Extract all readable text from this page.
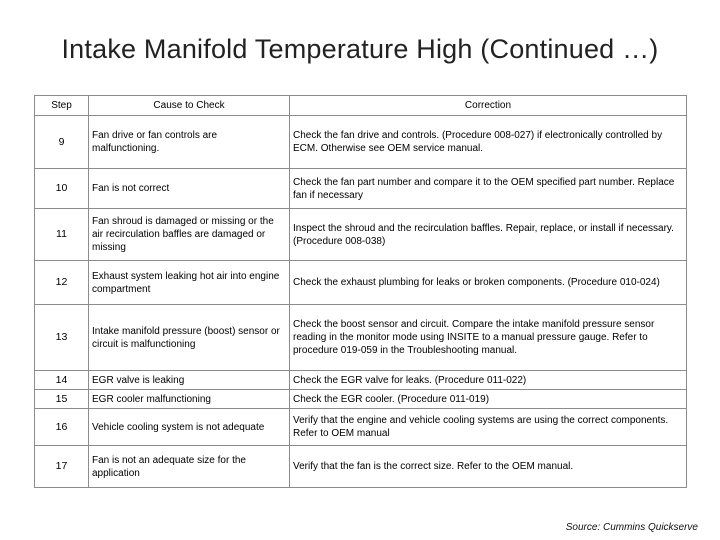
Intake Manifold Temperature High (Continued …)
Step	Cause to Check	Correction
9	Fan drive or fan controls are malfunctioning.	Check the fan drive and controls. (Procedure 008-027) if electronically controlled by ECM. Otherwise see OEM service manual.
10	Fan is not correct	Check the fan part number and compare it to the OEM specified part number. Replace fan if necessary
11	Fan shroud is damaged or missing or the air recirculation baffles are damaged or missing	Inspect the shroud and the recirculation baffles. Repair, replace, or install if necessary. (Procedure 008-038)
12	Exhaust system leaking hot air into engine compartment	Check the exhaust plumbing for leaks or broken components. (Procedure 010-024)
13	Intake manifold pressure (boost) sensor or circuit is malfunctioning	Check the boost sensor and circuit. Compare the intake manifold pressure sensor reading in the monitor mode using INSITE to a manual pressure gauge. Refer to procedure 019-059 in the Troubleshooting manual.
14	EGR valve is leaking	Check the EGR valve for leaks. (Procedure 011-022)
15	EGR cooler malfunctioning	Check the EGR cooler. (Procedure 011-019)
16	Vehicle cooling system is not adequate	Verify that the engine and vehicle cooling systems are using the correct components. Refer to OEM manual
17	Fan is not an adequate size for the application	Verify that the fan is the correct size. Refer to the OEM manual.
Source: Cummins Quickserve
